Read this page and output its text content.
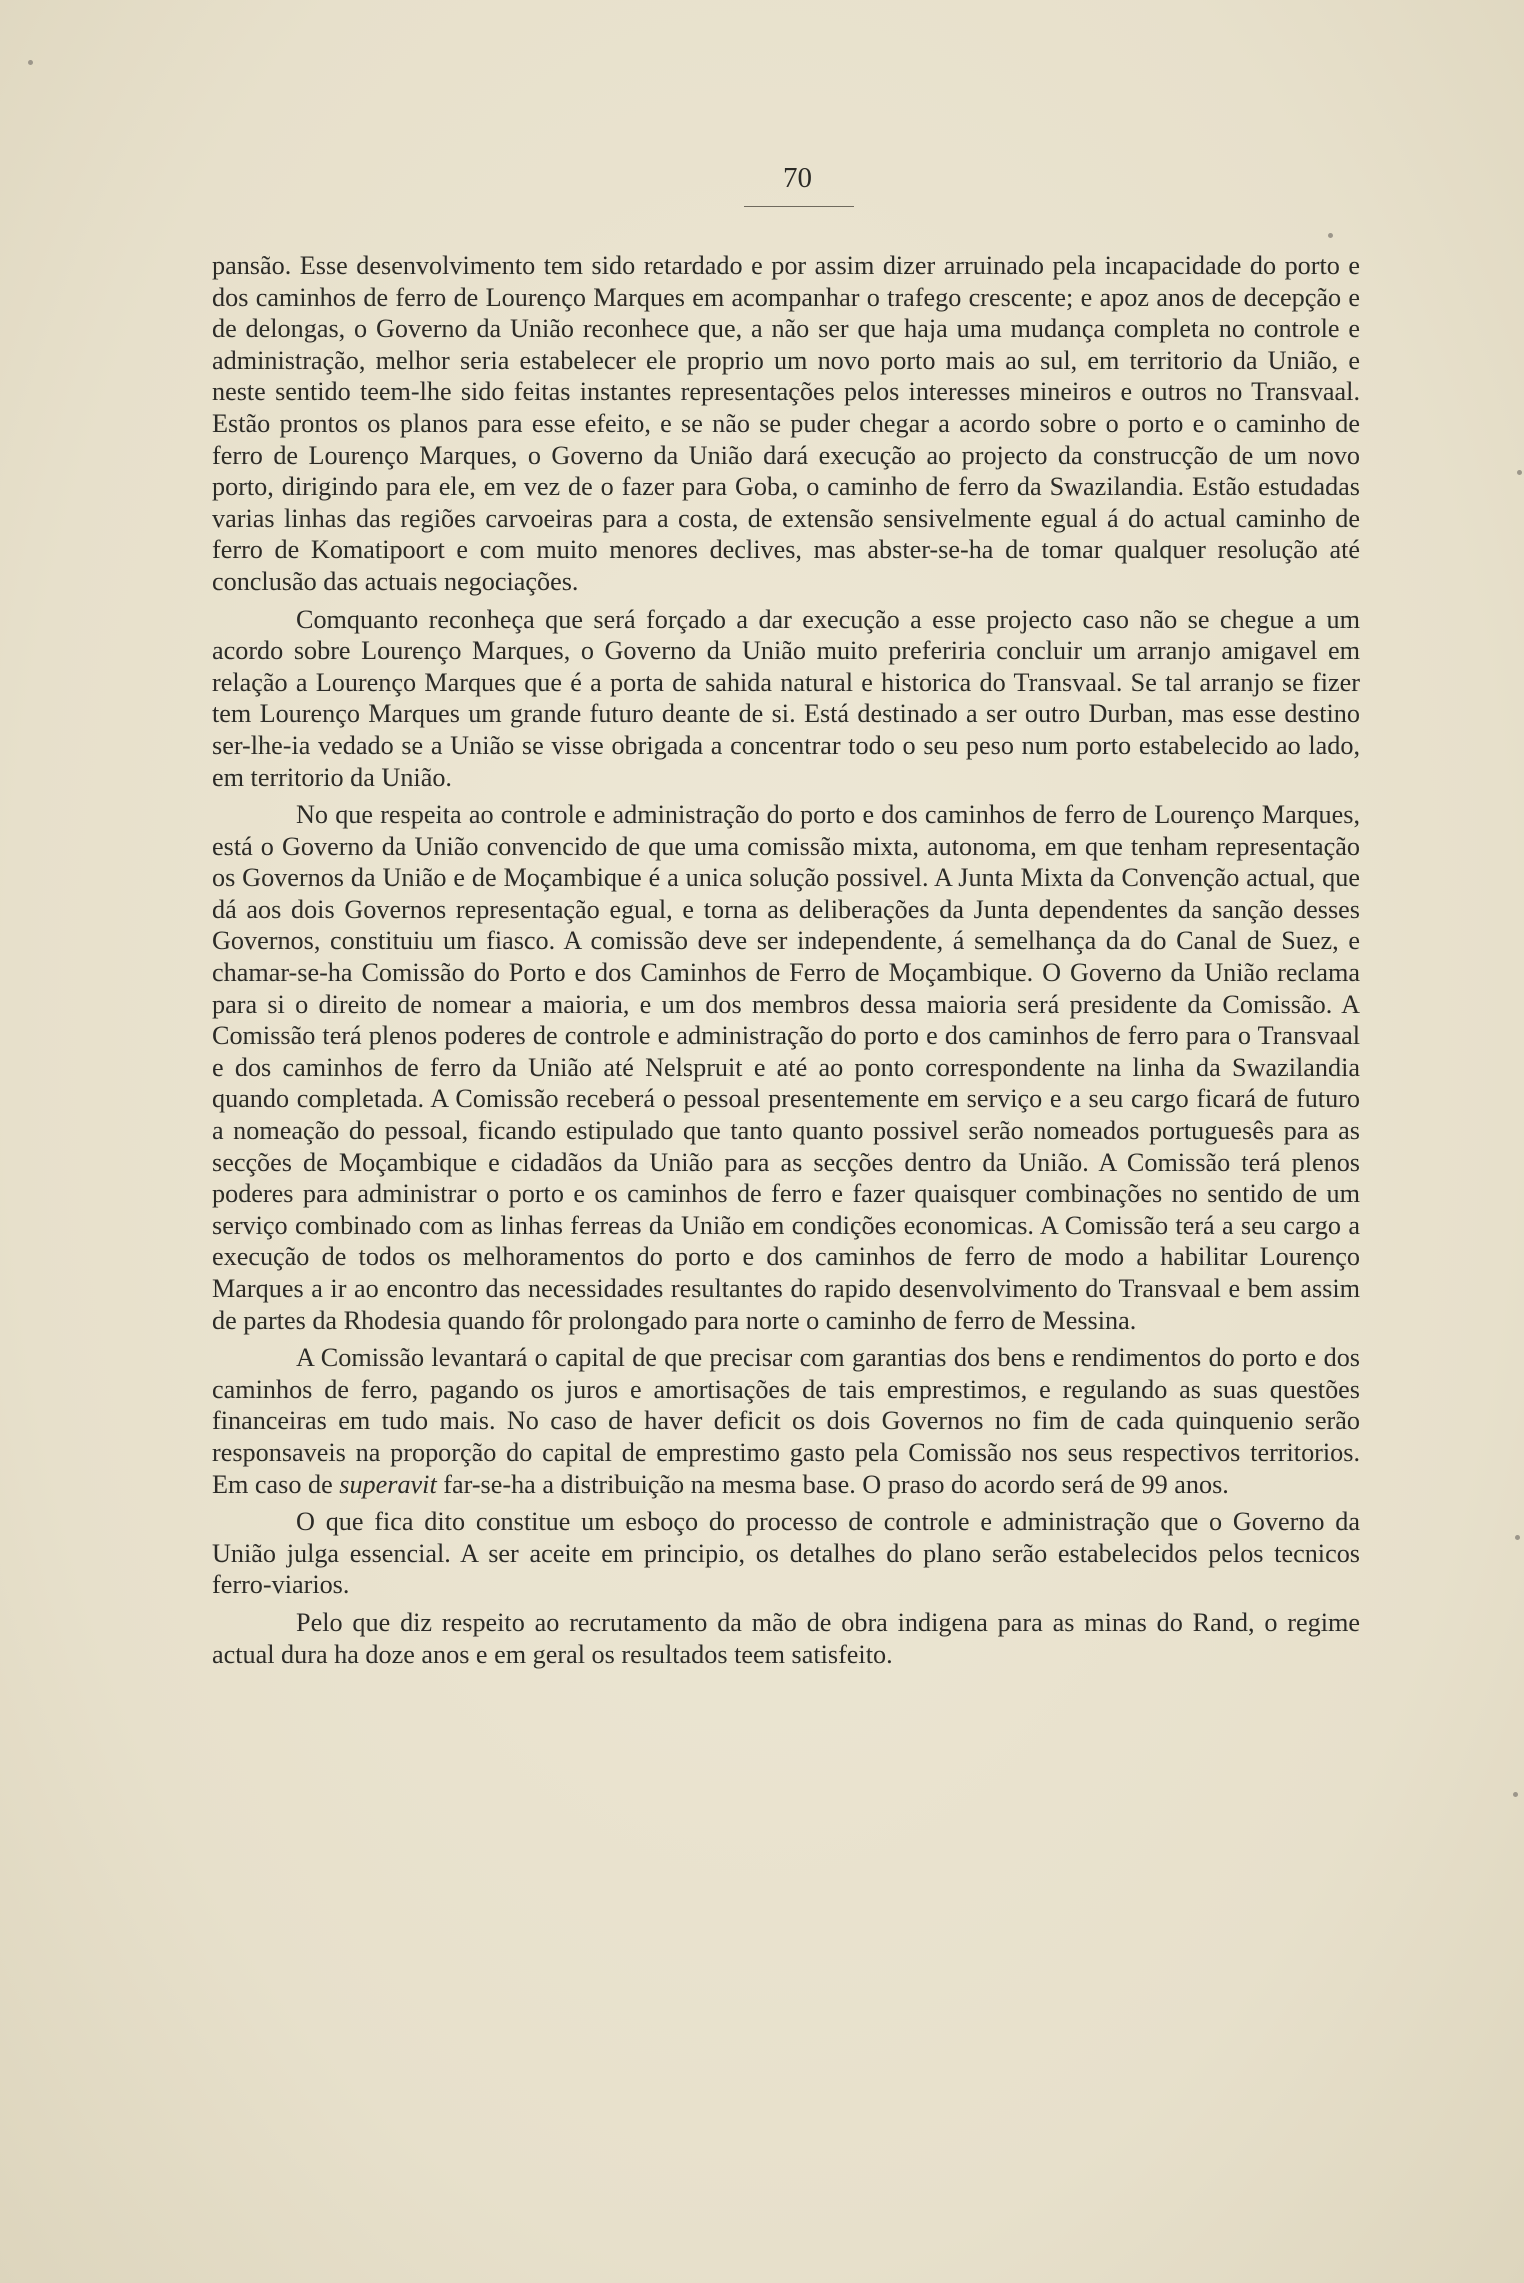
70

pansão. Esse desenvolvimento tem sido retardado e por assim dizer arruinado pela incapacidade do porto e dos caminhos de ferro de Lourenço Marques em acompanhar o trafego crescente; e apoz anos de decepção e de delongas, o Governo da União reconhece que, a não ser que haja uma mudança completa no controle e administração, melhor seria estabelecer ele proprio um novo porto mais ao sul, em territorio da União, e neste sentido teem-lhe sido feitas instantes representações pelos interesses mineiros e outros no Transvaal. Estão prontos os planos para esse efeito, e se não se puder chegar a acordo sobre o porto e o caminho de ferro de Lourenço Marques, o Governo da União dará execução ao projecto da construcção de um novo porto, dirigindo para ele, em vez de o fazer para Goba, o caminho de ferro da Swazilandia. Estão estudadas varias linhas das regiões carvoeiras para a costa, de extensão sensivelmente egual á do actual caminho de ferro de Komatipoort e com muito menores declives, mas abster-se-ha de tomar qualquer resolução até conclusão das actuais negociações.

Comquanto reconheça que será forçado a dar execução a esse projecto caso não se chegue a um acordo sobre Lourenço Marques, o Governo da União muito preferiria concluir um arranjo amigavel em relação a Lourenço Marques que é a porta de sahida natural e historica do Transvaal. Se tal arranjo se fizer tem Lourenço Marques um grande futuro deante de si. Está destinado a ser outro Durban, mas esse destino ser-lhe-ia vedado se a União se visse obrigada a concentrar todo o seu peso num porto estabelecido ao lado, em territorio da União.

No que respeita ao controle e administração do porto e dos caminhos de ferro de Lourenço Marques, está o Governo da União convencido de que uma comissão mixta, autonoma, em que tenham representação os Governos da União e de Moçambique é a unica solução possivel. A Junta Mixta da Convenção actual, que dá aos dois Governos representação egual, e torna as deliberações da Junta dependentes da sanção desses Governos, constituiu um fiasco. A comissão deve ser independente, á semelhança da do Canal de Suez, e chamar-se-ha Comissão do Porto e dos Caminhos de Ferro de Moçambique. O Governo da União reclama para si o direito de nomear a maioria, e um dos membros dessa maioria será presidente da Comissão. A Comissão terá plenos poderes de controle e administração do porto e dos caminhos de ferro para o Transvaal e dos caminhos de ferro da União até Nelspruit e até ao ponto correspondente na linha da Swazilandia quando completada. A Comissão receberá o pessoal presentemente em serviço e a seu cargo ficará de futuro a nomeação do pessoal, ficando estipulado que tanto quanto possivel serão nomeados portuguesês para as secções de Moçambique e cidadãos da União para as secções dentro da União. A Comissão terá plenos poderes para administrar o porto e os caminhos de ferro e fazer quaisquer combinações no sentido de um serviço combinado com as linhas ferreas da União em condições economicas. A Comissão terá a seu cargo a execução de todos os melhoramentos do porto e dos caminhos de ferro de modo a habilitar Lourenço Marques a ir ao encontro das necessidades resultantes do rapido desenvolvimento do Transvaal e bem assim de partes da Rhodesia quando fôr prolongado para norte o caminho de ferro de Messina.

A Comissão levantará o capital de que precisar com garantias dos bens e rendimentos do porto e dos caminhos de ferro, pagando os juros e amortisações de tais emprestimos, e regulando as suas questões financeiras em tudo mais. No caso de haver deficit os dois Governos no fim de cada quinquenio serão responsaveis na proporção do capital de emprestimo gasto pela Comissão nos seus respectivos territorios. Em caso de superavit far-se-ha a distribuição na mesma base. O praso do acordo será de 99 anos.

O que fica dito constitue um esboço do processo de controle e administração que o Governo da União julga essencial. A ser aceite em principio, os detalhes do plano serão estabelecidos pelos tecnicos ferro-viarios.

Pelo que diz respeito ao recrutamento da mão de obra indigena para as minas do Rand, o regime actual dura ha doze anos e em geral os resultados teem satisfeito.
